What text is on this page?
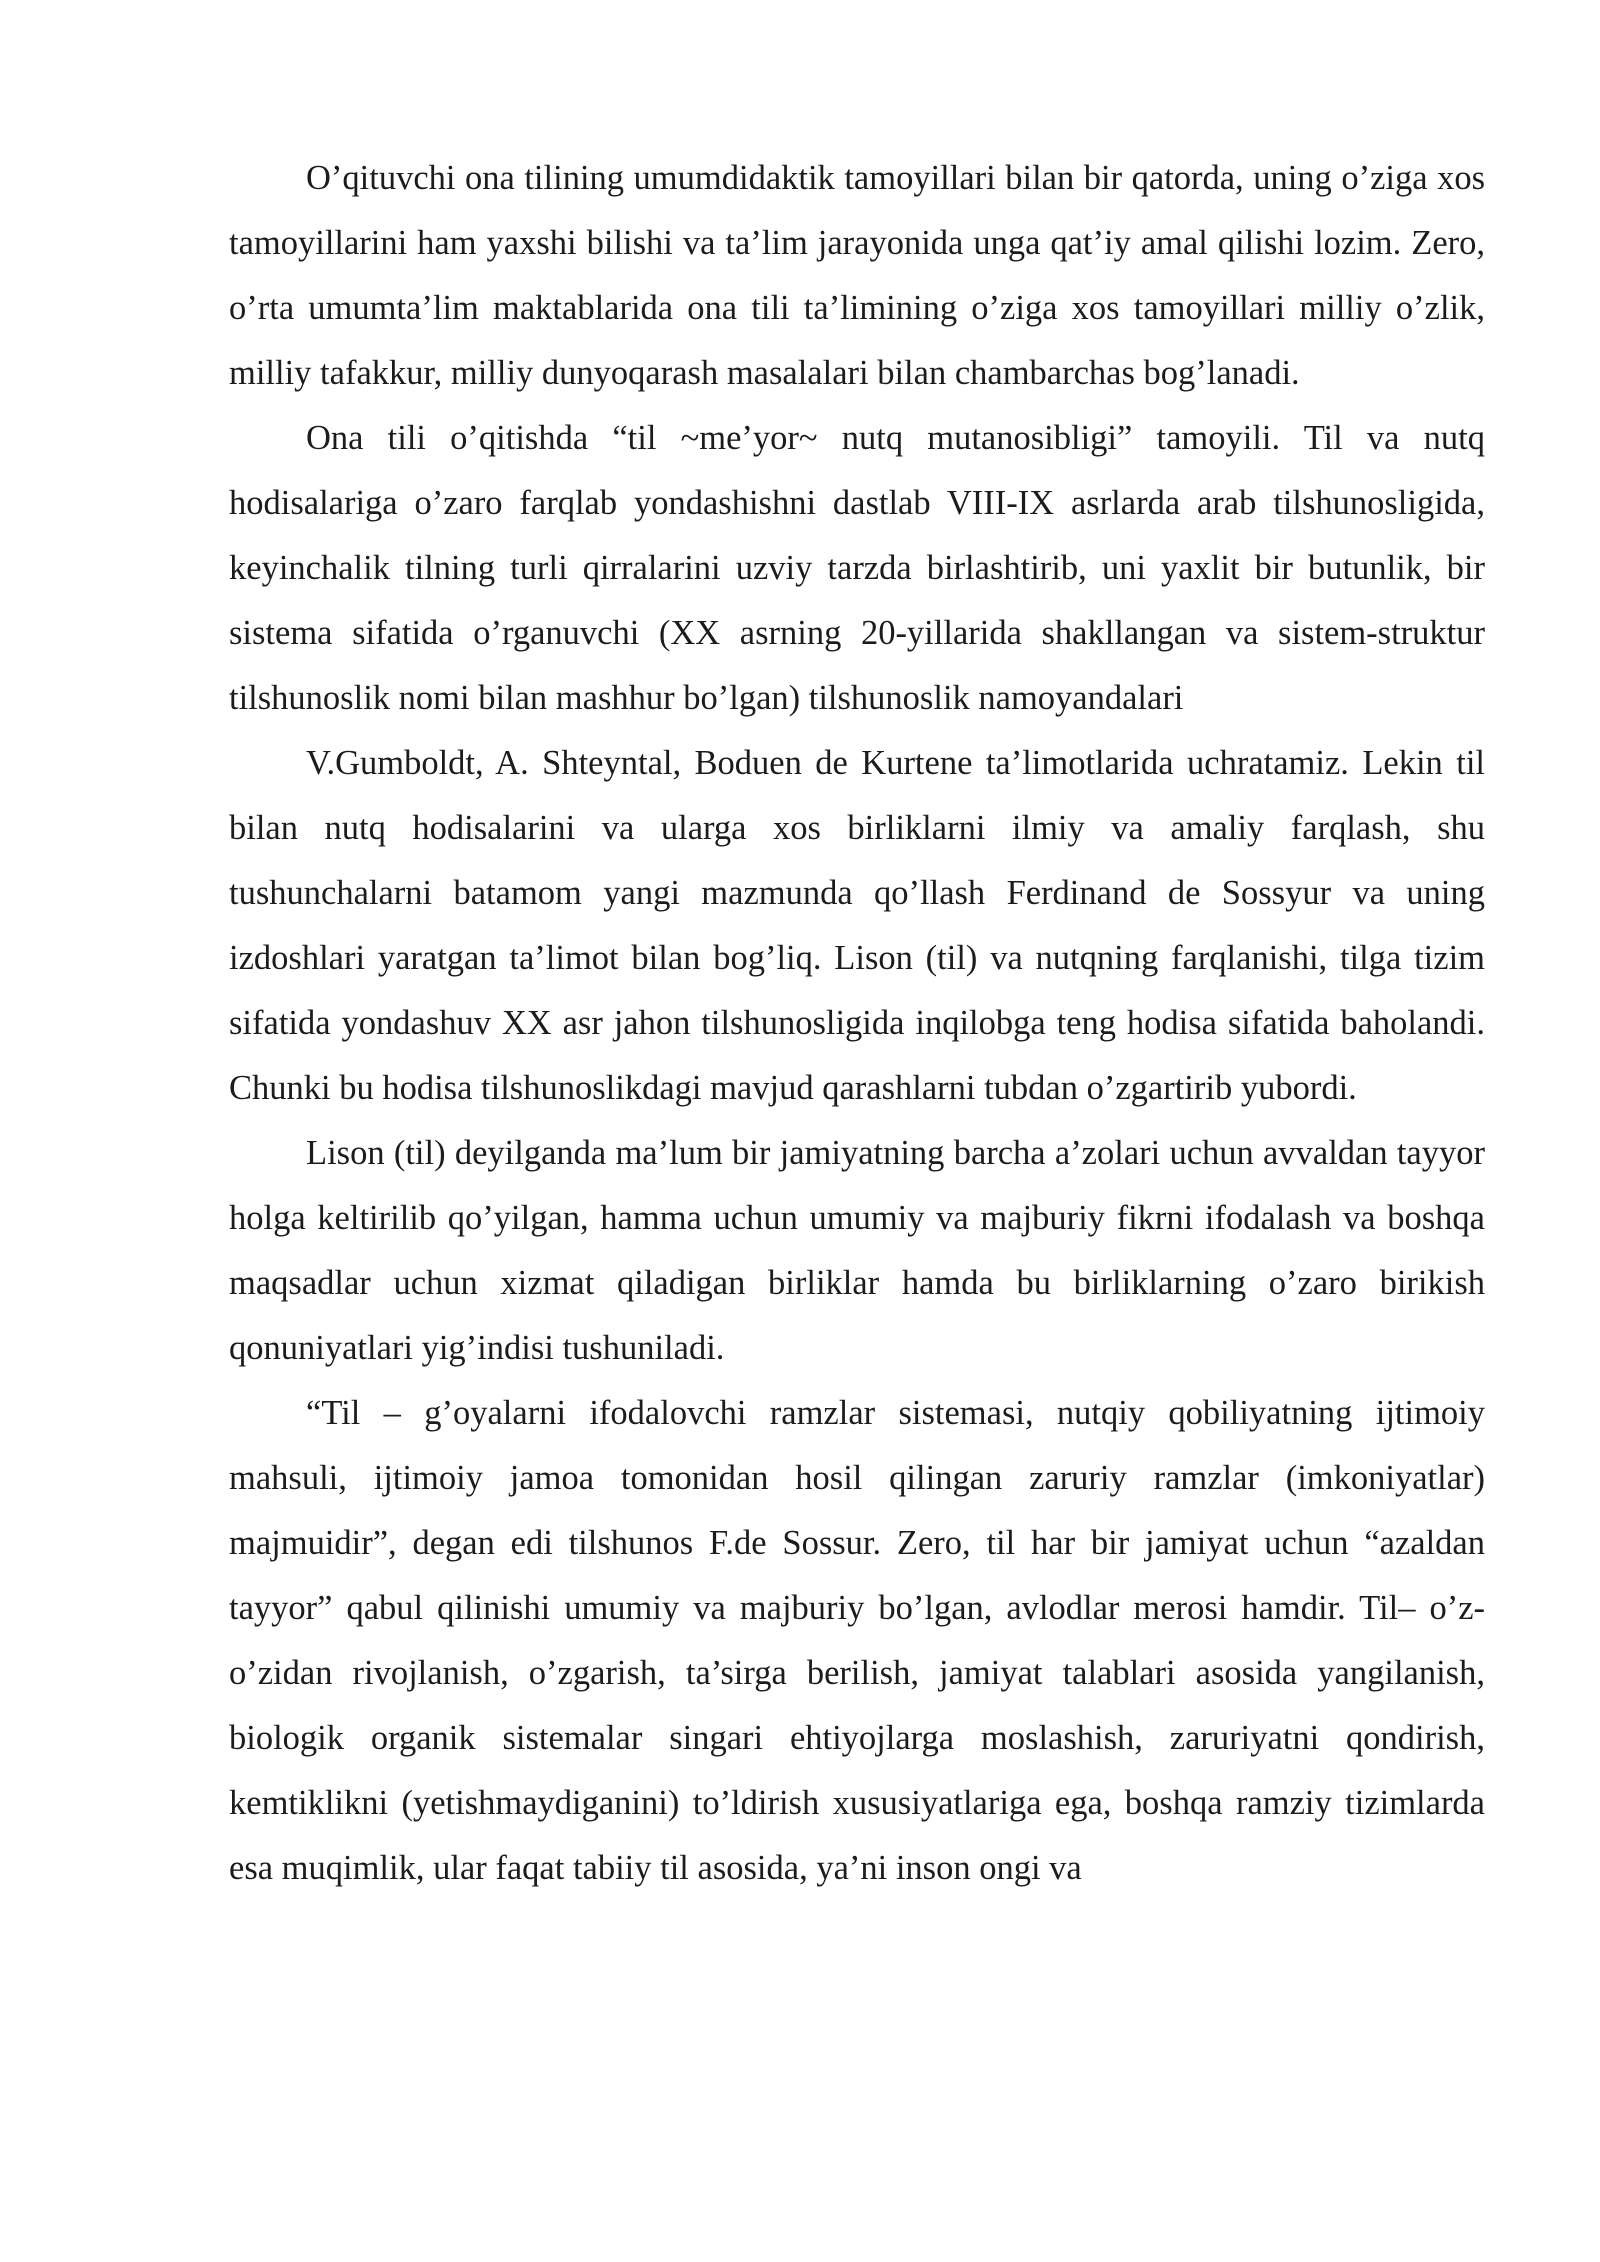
O’qituvchi ona tilining umumdidaktik tamoyillari bilan bir qatorda, uning o’ziga xos tamoyillarini ham yaxshi bilishi va ta’lim jarayonida unga qat’iy amal qilishi lozim. Zero, o’rta umumta’lim maktablarida ona tili ta’limining o’ziga xos tamoyillari milliy o’zlik, milliy tafakkur, milliy dunyoqarash masalalari bilan chambarchas bog’lanadi.

Ona tili o’qitishda “til ~me’yor~ nutq mutanosibligi” tamoyili. Til va nutq hodisalariga o’zaro farqlab yondashishni dastlab VIII-IX asrlarda arab tilshunosligida, keyinchalik tilning turli qirralarini uzviy tarzda birlashtirib, uni yaxlit bir butunlik, bir sistema sifatida o’rganuvchi (XX asrning 20-yillarida shakllangan va sistem-struktur tilshunoslik nomi bilan mashhur bo’lgan) tilshunoslik namoyandalari

V.Gumboldt, A. Shteyntal, Boduen de Kurtene ta’limotlarida uchratamiz. Lekin til bilan nutq hodisalarini va ularga xos birliklarni ilmiy va amaliy farqlash, shu tushunchalarni batamom yangi mazmunda qo’llash Ferdinand de Sossyur va uning izdoshlari yaratgan ta’limot bilan bog’liq. Lison (til) va nutqning farqlanishi, tilga tizim sifatida yondashuv XX asr jahon tilshunosligida inqilobga teng hodisa sifatida baholandi. Chunki bu hodisa tilshunoslikdagi mavjud qarashlarni tubdan o’zgartirib yubordi.

Lison (til) deyilganda ma’lum bir jamiyatning barcha a’zolari uchun avvaldan tayyor holga keltirilib qo’yilgan, hamma uchun umumiy va majburiy fikrni ifodalash va boshqa maqsadlar uchun xizmat qiladigan birliklar hamda bu birliklarning o’zaro birikish qonuniyatlari yig’indisi tushuniladi.

“Til – g’oyalarni ifodalovchi ramzlar sistemasi, nutqiy qobiliyatning ijtimoiy mahsuli, ijtimoiy jamoa tomonidan hosil qilingan zaruriy ramzlar (imkoniyatlar) majmuidir”, degan edi tilshunos F.de Sossur. Zero, til har bir jamiyat uchun “azaldan tayyor” qabul qilinishi umumiy va majburiy bo’lgan, avlodlar merosi hamdir. Til– o’z-o’zidan rivojlanish, o’zgarish, ta’sirga berilish, jamiyat talablari asosida yangilanish, biologik organik sistemalar singari ehtiyojlarga moslashish, zaruriyatni qondirish, kemtiklikni (yetishmaydiganini) to’ldirish xususiyatlariga ega, boshqa ramziy tizimlarda esa muqimlik, ular faqat tabiiy til asosida, ya’ni inson ongi va
